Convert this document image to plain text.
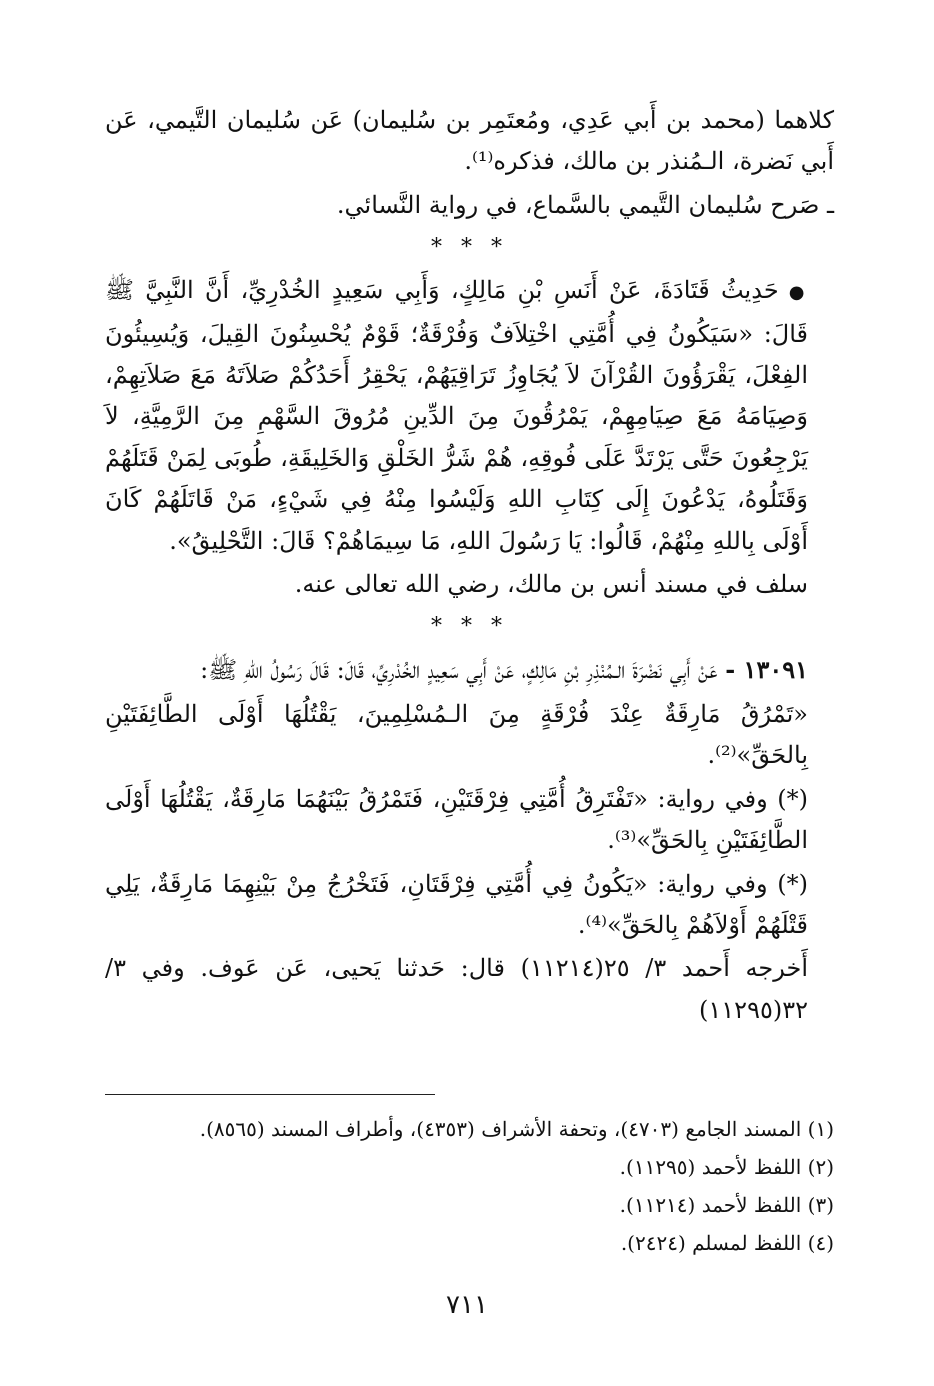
كلاهما (محمد بن أَبي عَدِي، ومُعتَمِر بن سُليمان) عَن سُليمان التَّيمي، عَن أَبي نَضرة، الـمُنذر بن مالك، فذكره⁽¹⁾.

ـ صَرح سُليمان التَّيمي بالسَّماع، في رواية النَّسائي.

* * *

●حَدِيثُ قَتَادَةَ، عَنْ أَنَسِ بْنِ مَالِكٍ، وَأَبِي سَعِيدٍ الخُدْرِيِّ، أَنَّ النَّبِيَّ ﷺ قَالَ: «سَيَكُونُ فِي أُمَّتِي اخْتِلاَفٌ وَفُرْقَةٌ؛ قَوْمٌ يُحْسِنُونَ القِيلَ، وَيُسِيئُونَ الفِعْلَ، يَقْرَؤُونَ القُرْآنَ لاَ يُجَاوِزُ تَرَاقِيَهُمْ، يَحْقِرُ أَحَدُكُمْ صَلاَتَهُ مَعَ صَلاَتِهِمْ، وَصِيَامَهُ مَعَ صِيَامِهِمْ، يَمْرُقُونَ مِنَ الدِّينِ مُرُوقَ السَّهْمِ مِنَ الرَّمِيَّةِ، لاَ يَرْجِعُونَ حَتَّى يَرْتَدَّ عَلَى فُوقِهِ، هُمْ شَرُّ الخَلْقِ وَالخَلِيقَةِ، طُوبَى لِمَنْ قَتَلَهُمْ وَقَتَلُوهُ، يَدْعُونَ إِلَى كِتَابِ اللهِ وَلَيْسُوا مِنْهُ فِي شَيْءٍ، مَنْ قَاتَلَهُمْ كَانَ أَوْلَى بِاللهِ مِنْهُمْ، قَالُوا: يَا رَسُولَ اللهِ، مَا سِيمَاهُمْ؟ قَالَ: التَّحْلِيقُ».

سلف في مسند أنس بن مالك، رضي الله تعالى عنه.

* * *

١٣٠٩١ - عَنْ أَبِي نَضْرَةَ الـمُنْذِرِ بْنِ مَالِكٍ، عَنْ أَبِي سَعِيدٍ الخُدْرِيِّ، قَالَ: قَالَ رَسُولُ اللهِ ﷺ:

«تَمْرُقُ مَارِقَةٌ عِنْدَ فُرْقَةٍ مِنَ الـمُسْلِمِينَ، يَقْتُلُهَا أَوْلَى الطَّائِفَتَيْنِ بِالحَقِّ»⁽²⁾.

(*) وفي رواية: «تَفْتَرِقُ أُمَّتِي فِرْقَتَيْنِ، فَتَمْرُقُ بَيْنَهُمَا مَارِقَةٌ، يَقْتُلُهَا أَوْلَى الطَّائِفَتَيْنِ بِالحَقِّ»⁽³⁾.

(*) وفي رواية: «يَكُونُ فِي أُمَّتِي فِرْقَتَانِ، فَتَخْرُجُ مِنْ بَيْنِهِمَا مَارِقَةٌ، يَلِي قَتْلَهُمْ أَوْلاَهُمْ بِالحَقِّ»⁽⁴⁾.

أَخرجه أَحمد ٣/ ٢٥(١١٢١٤) قال: حَدثنا يَحيى، عَن عَوف. وفي ٣/ ٣٢(١١٢٩٥)

(١) المسند الجامع (٤٧٠٣)، وتحفة الأشراف (٤٣٥٣)، وأطراف المسند (٨٥٦٥).

(٢) اللفظ لأحمد (١١٢٩٥).

(٣) اللفظ لأحمد (١١٢١٤).

(٤) اللفظ لمسلم (٢٤٢٤).

٧١١
